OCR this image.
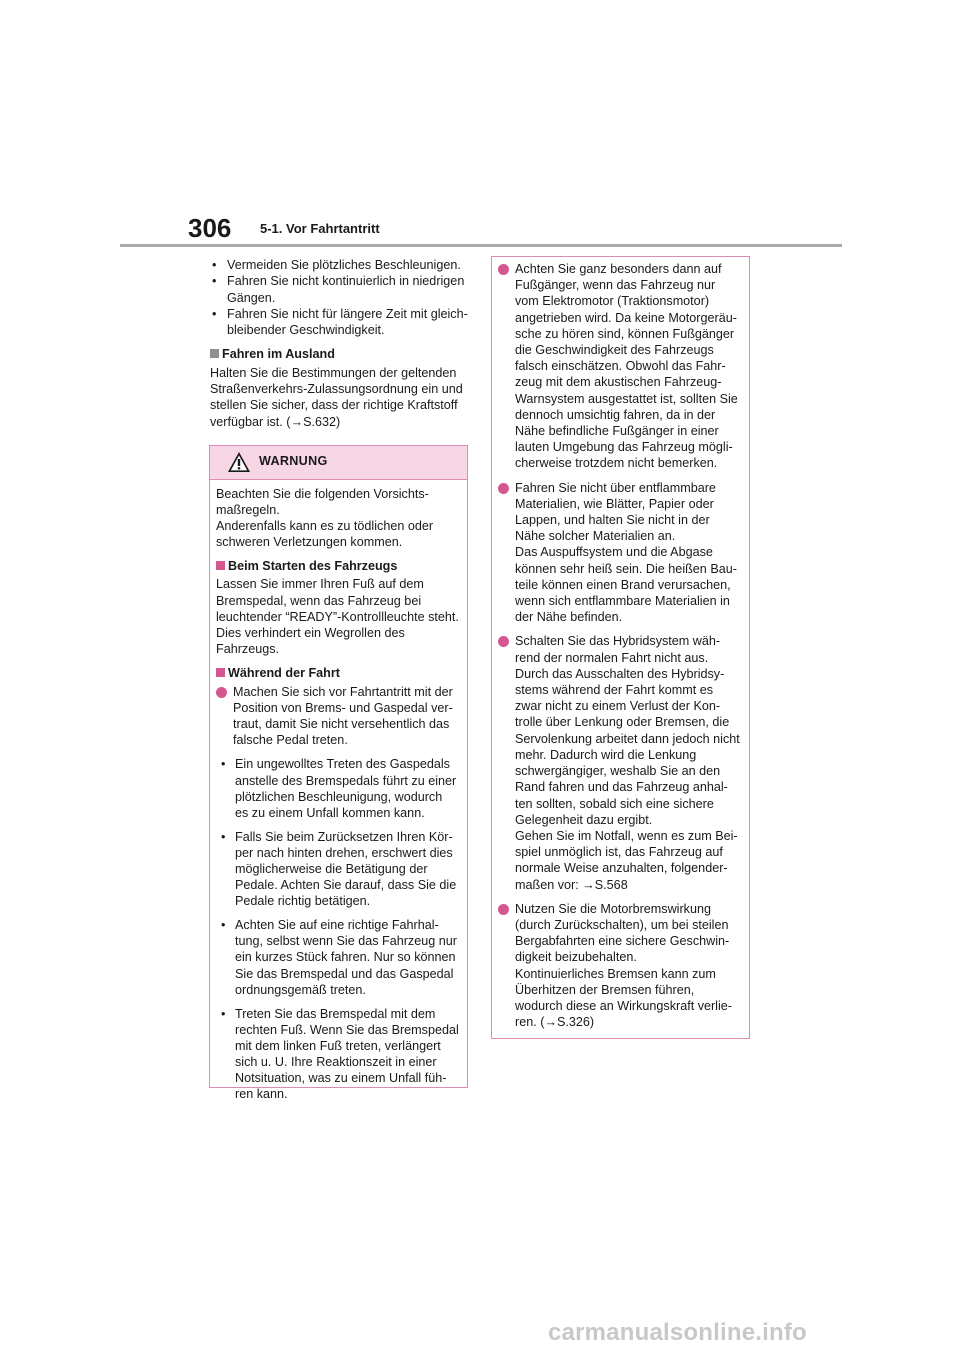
306 5-1. Vor Fahrtantritt
• Vermeiden Sie plötzliches Beschleunigen.
• Fahren Sie nicht kontinuierlich in niedrigen Gängen.
• Fahren Sie nicht für längere Zeit mit gleich-bleibender Geschwindigkeit.
Fahren im Ausland
Halten Sie die Bestimmungen der geltenden Straßenverkehrs-Zulassungsordnung ein und stellen Sie sicher, dass der richtige Kraftstoff verfügbar ist. (→S.632)
WARNUNG
Beachten Sie die folgenden Vorsichts-maßregeln.
Anderenfalls kann es zu tödlichen oder schweren Verletzungen kommen.
Beim Starten des Fahrzeugs
Lassen Sie immer Ihren Fuß auf dem Bremspedal, wenn das Fahrzeug bei leuchtender “READY”-Kontrollleuchte steht. Dies verhindert ein Wegrollen des Fahrzeugs.
Während der Fahrt
Machen Sie sich vor Fahrtantritt mit der Position von Brems- und Gaspedal ver-traut, damit Sie nicht versehentlich das falsche Pedal treten.
• Ein ungewolltes Treten des Gaspedals anstelle des Bremspedals führt zu einer plötzlichen Beschleunigung, wodurch es zu einem Unfall kommen kann.
• Falls Sie beim Zurücksetzen Ihren Kör-per nach hinten drehen, erschwert dies möglicherweise die Betätigung der Pedale. Achten Sie darauf, dass Sie die Pedale richtig betätigen.
• Achten Sie auf eine richtige Fahrhal-tung, selbst wenn Sie das Fahrzeug nur ein kurzes Stück fahren. Nur so können Sie das Bremspedal und das Gaspedal ordnungsgemäß treten.
• Treten Sie das Bremspedal mit dem rechten Fuß. Wenn Sie das Bremspedal mit dem linken Fuß treten, verlängert sich u. U. Ihre Reaktionszeit in einer Notsituation, was zu einem Unfall füh-ren kann.
Achten Sie ganz besonders dann auf Fußgänger, wenn das Fahrzeug nur vom Elektromotor (Traktionsmotor) angetrieben wird. Da keine Motorgeräu-sche zu hören sind, können Fußgänger die Geschwindigkeit des Fahrzeugs falsch einschätzen. Obwohl das Fahr-zeug mit dem akustischen Fahrzeug-Warnsystem ausgestattet ist, sollten Sie dennoch umsichtig fahren, da in der Nähe befindliche Fußgänger in einer lauten Umgebung das Fahrzeug mögli-cherweise trotzdem nicht bemerken.
Fahren Sie nicht über entflammbare Materialien, wie Blätter, Papier oder Lappen, und halten Sie nicht in der Nähe solcher Materialien an.
Das Auspuffsystem und die Abgase können sehr heiß sein. Die heißen Bau-teile können einen Brand verursachen, wenn sich entflammbare Materialien in der Nähe befinden.
Schalten Sie das Hybridsystem wäh-rend der normalen Fahrt nicht aus. Durch das Ausschalten des Hybridsy-stems während der Fahrt kommt es zwar nicht zu einem Verlust der Kon-trolle über Lenkung oder Bremsen, die Servolenkung arbeitet dann jedoch nicht mehr. Dadurch wird die Lenkung schwergängiger, weshalb Sie an den Rand fahren und das Fahrzeug anhal-ten sollten, sobald sich eine sichere Gelegenheit dazu ergibt.
Gehen Sie im Notfall, wenn es zum Bei-spiel unmöglich ist, das Fahrzeug auf normale Weise anzuhalten, folgender-maßen vor: →S.568
Nutzen Sie die Motorbremswirkung (durch Zurückschalten), um bei steilen Bergabfahrten eine sichere Geschwin-digkeit beizubehalten.
Kontinuierliches Bremsen kann zum Überhitzen der Bremsen führen, wodurch diese an Wirkungskraft verlie-ren. (→S.326)
carmanualsonline.info
